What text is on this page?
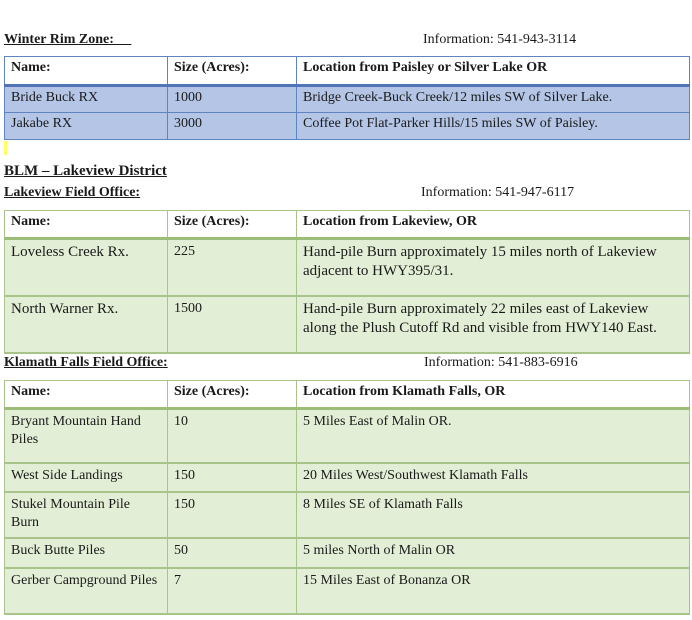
Winter Rim Zone:	Information: 541-943-3114
Name:	Size (Acres):	Location from Paisley or Silver Lake OR

Bride Buck RX	1000	Bridge Creek-Buck Creek/12 miles SW of Silver Lake.

Jakabe RX	3000	Coffee Pot Flat-Parker Hills/15 miles SW of Paisley.
BLM – Lakeview District
Lakeview Field Office:	Information: 541-947-6117
Name:	Size (Acres):	Location from Lakeview, OR

Loveless Creek Rx.	225	Hand-pile Burn approximately 15 miles north of Lakeview adjacent to HWY395/31.

North Warner Rx.	1500	Hand-pile Burn approximately 22 miles east of Lakeview along the Plush Cutoff Rd and visible from HWY140 East.
Klamath Falls Field Office:	Information: 541-883-6916
Name:	Size (Acres):	Location from Klamath Falls, OR

Bryant Mountain Hand Piles	10	5 Miles East of Malin OR.

West Side Landings	150	20 Miles West/Southwest Klamath Falls

Stukel Mountain Pile Burn	150	8 Miles SE of Klamath Falls

Buck Butte Piles	50	5 miles North of Malin OR

Gerber Campground Piles	7	15 Miles East of Bonanza OR
